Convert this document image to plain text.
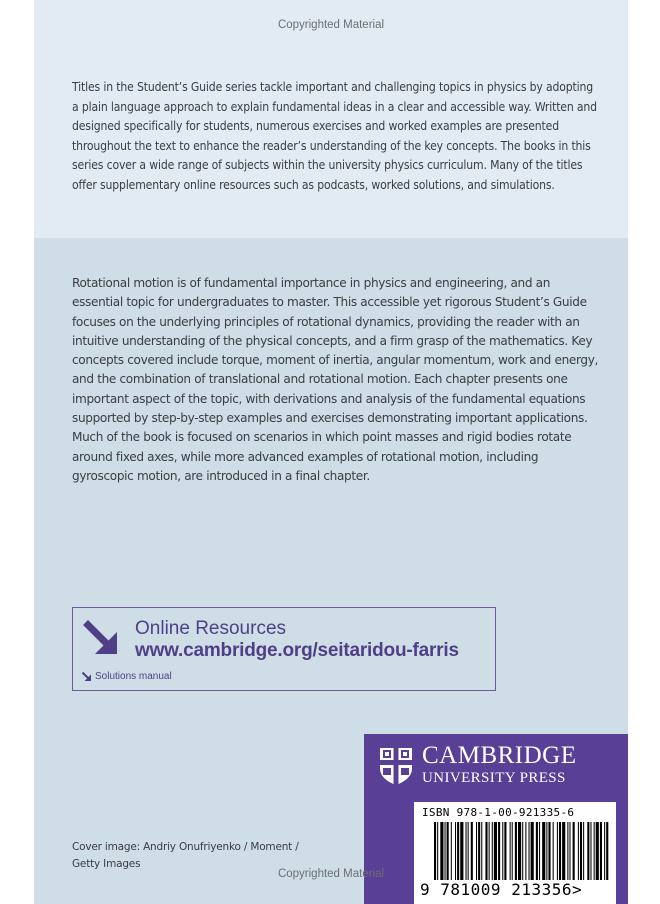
Copyrighted Material

Titles in the Student’s Guide series tackle important and challenging topics in physics by adopting a plain language approach to explain fundamental ideas in a clear and accessible way. Written and designed specifically for students, numerous exercises and worked examples are presented throughout the text to enhance the reader’s understanding of the key concepts. The books in this series cover a wide range of subjects within the university physics curriculum. Many of the titles offer supplementary online resources such as podcasts, worked solutions, and simulations.

Rotational motion is of fundamental importance in physics and engineering, and an essential topic for undergraduates to master. This accessible yet rigorous Student’s Guide focuses on the underlying principles of rotational dynamics, providing the reader with an intuitive understanding of the physical concepts, and a firm grasp of the mathematics. Key concepts covered include torque, moment of inertia, angular momentum, work and energy, and the combination of translational and rotational motion. Each chapter presents one important aspect of the topic, with derivations and analysis of the fundamental equations supported by step-by-step examples and exercises demonstrating important applications. Much of the book is focused on scenarios in which point masses and rigid bodies rotate around fixed axes, while more advanced examples of rotational motion, including gyroscopic motion, are introduced in a final chapter.

Online Resources
www.cambridge.org/seitaridou-farris
Solutions manual

Cover image: Andriy Onufriyenko / Moment / Getty Images

CAMBRIDGE
UNIVERSITY PRESS
ISBN 978-1-00-921335-6
9 781009 213356>
Copyrighted Material
